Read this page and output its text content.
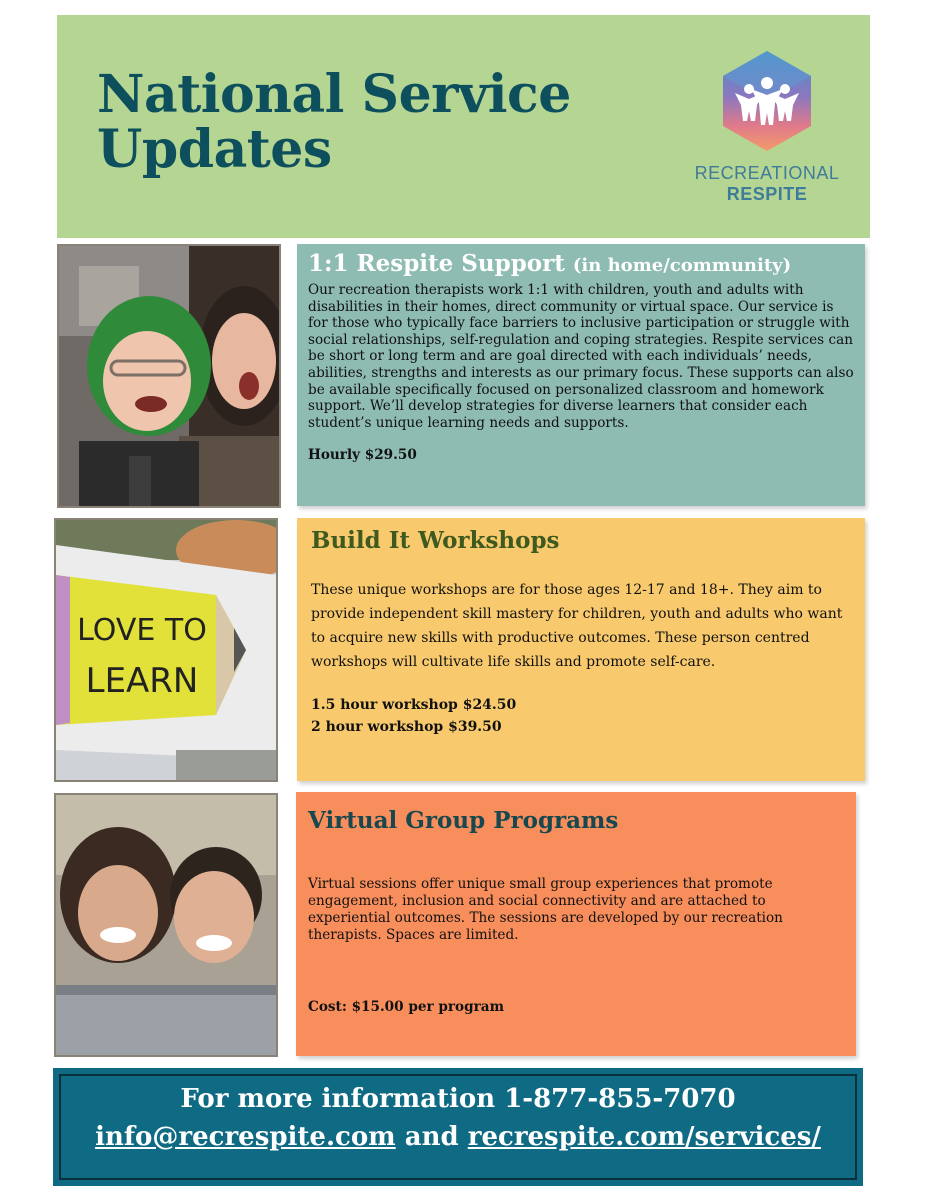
National Service
Updates	RECREATIONAL
RESPITE
1:1 Respite Support (in home/community)

Our recreation therapists work 1:1 with children, youth and adults with disabilities in their homes, direct community or virtual space. Our service is for those who typically face barriers to inclusive participation or struggle with social relationships, self-regulation and coping strategies. Respite services can be short or long term and are goal directed with each individuals’ needs, abilities, strengths and interests as our primary focus. These supports can also be available specifically focused on personalized classroom and homework support. We’ll develop strategies for diverse learners that consider each student’s unique learning needs and supports.

Hourly $29.50

LOVE TO
LEARN
Build It Workshops

These unique workshops are for those ages 12-17 and 18+. They aim to provide independent skill mastery for children, youth and adults who want to acquire new skills with productive outcomes. These person centred workshops will cultivate life skills and promote self-care.

1.5 hour workshop $24.50
2 hour workshop $39.50
Virtual Group Programs

Virtual sessions offer unique small group experiences that promote engagement, inclusion and social connectivity and are attached to experiential outcomes. The sessions are developed by our recreation therapists. Spaces are limited.

Cost: $15.00 per program

For more information 1-877-855-7070

info@recrespite.com and recrespite.com/services/
